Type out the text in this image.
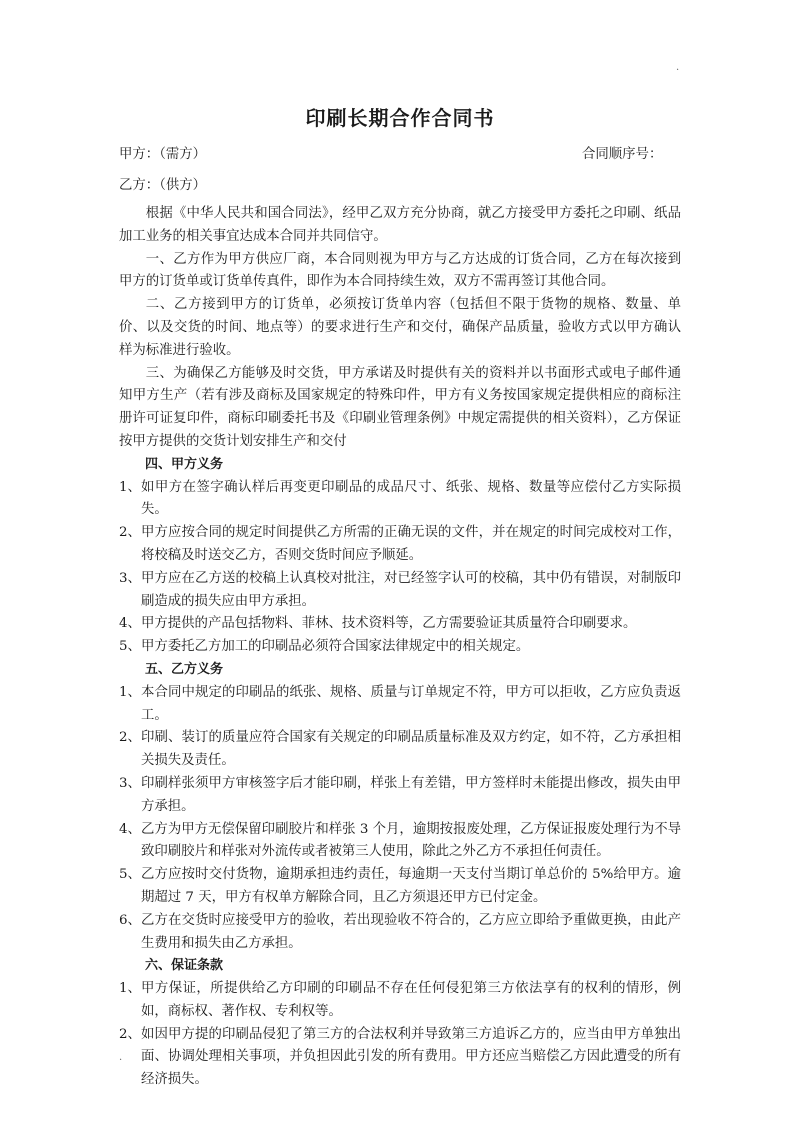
.
印刷长期合作合同书
甲方：（需方）	合同顺序号：
乙方：（供方）

根据《中华人民共和国合同法》，经甲乙双方充分协商，就乙方接受甲方委托之印刷、纸品加工业务的相关事宜达成本合同并共同信守。

一、乙方作为甲方供应厂商，本合同则视为甲方与乙方达成的订货合同，乙方在每次接到甲方的订货单或订货单传真件，即作为本合同持续生效，双方不需再签订其他合同。

二、乙方接到甲方的订货单，必须按订货单内容（包括但不限于货物的规格、数量、单价、以及交货的时间、地点等）的要求进行生产和交付，确保产品质量，验收方式以甲方确认样为标准进行验收。

三、为确保乙方能够及时交货，甲方承诺及时提供有关的资料并以书面形式或电子邮件通知甲方生产（若有涉及商标及国家规定的特殊印件，甲方有义务按国家规定提供相应的商标注册许可证复印件，商标印刷委托书及《印刷业管理条例》中规定需提供的相关资料），乙方保证按甲方提供的交货计划安排生产和交付

四、甲方义务

1、 如甲方在签字确认样后再变更印刷品的成品尺寸、纸张、规格、数量等应偿付乙方实际损失。
2、 甲方应按合同的规定时间提供乙方所需的正确无误的文件，并在规定的时间完成校对工作，将校稿及时送交乙方，否则交货时间应予顺延。
3、 甲方应在乙方送的校稿上认真校对批注，对已经签字认可的校稿，其中仍有错误，对制版印刷造成的损失应由甲方承担。
4、 甲方提供的产品包括物料、菲林、技术资料等，乙方需要验证其质量符合印刷要求。
5、 甲方委托乙方加工的印刷品必须符合国家法律规定中的相关规定。

五、乙方义务

1、 本合同中规定的印刷品的纸张、规格、质量与订单规定不符，甲方可以拒收，乙方应负责返工。
2、 印刷、装订的质量应符合国家有关规定的印刷品质量标准及双方约定，如不符，乙方承担相关损失及责任。
3、 印刷样张须甲方审核签字后才能印刷，样张上有差错，甲方签样时未能提出修改，损失由甲方承担。
4、 乙方为甲方无偿保留印刷胶片和样张 3 个月，逾期按报废处理，乙方保证报废处理行为不导致印刷胶片和样张对外流传或者被第三人使用，除此之外乙方不承担任何责任。
5、 乙方应按时交付货物，逾期承担违约责任，每逾期一天支付当期订单总价的 5%给甲方。逾期超过 7 天，甲方有权单方解除合同，且乙方须退还甲方已付定金。
6、 乙方在交货时应接受甲方的验收，若出现验收不符合的，乙方应立即给予重做更换，由此产生费用和损失由乙方承担。

六、保证条款

1、 甲方保证，所提供给乙方印刷的印刷品不存在任何侵犯第三方依法享有的权利的情形，例如，商标权、著作权、专利权等。
2、 如因甲方提的印刷品侵犯了第三方的合法权利并导致第三方追诉乙方的，应当由甲方单独出面、协调处理相关事项，并负担因此引发的所有费用。甲方还应当赔偿乙方因此遭受的所有经济损失。
.
